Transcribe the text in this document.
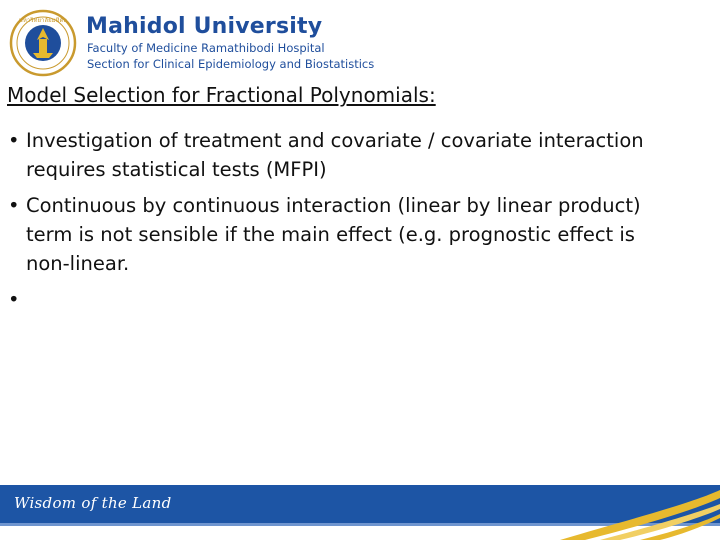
มหาวิทยาลัยมหิดล Mahidol University

Faculty of Medicine Ramathibodi Hospital

Section for Clinical Epidemiology and Biostatistics

Model Selection for Fractional Polynomials:
• Investigation of treatment and covariate / covariate interaction requires statistical tests (MFPI)
• Continuous by continuous interaction (linear by linear product) term is not sensible if the main effect (e.g. prognostic effect is non-linear.
•

Wisdom of the Land
